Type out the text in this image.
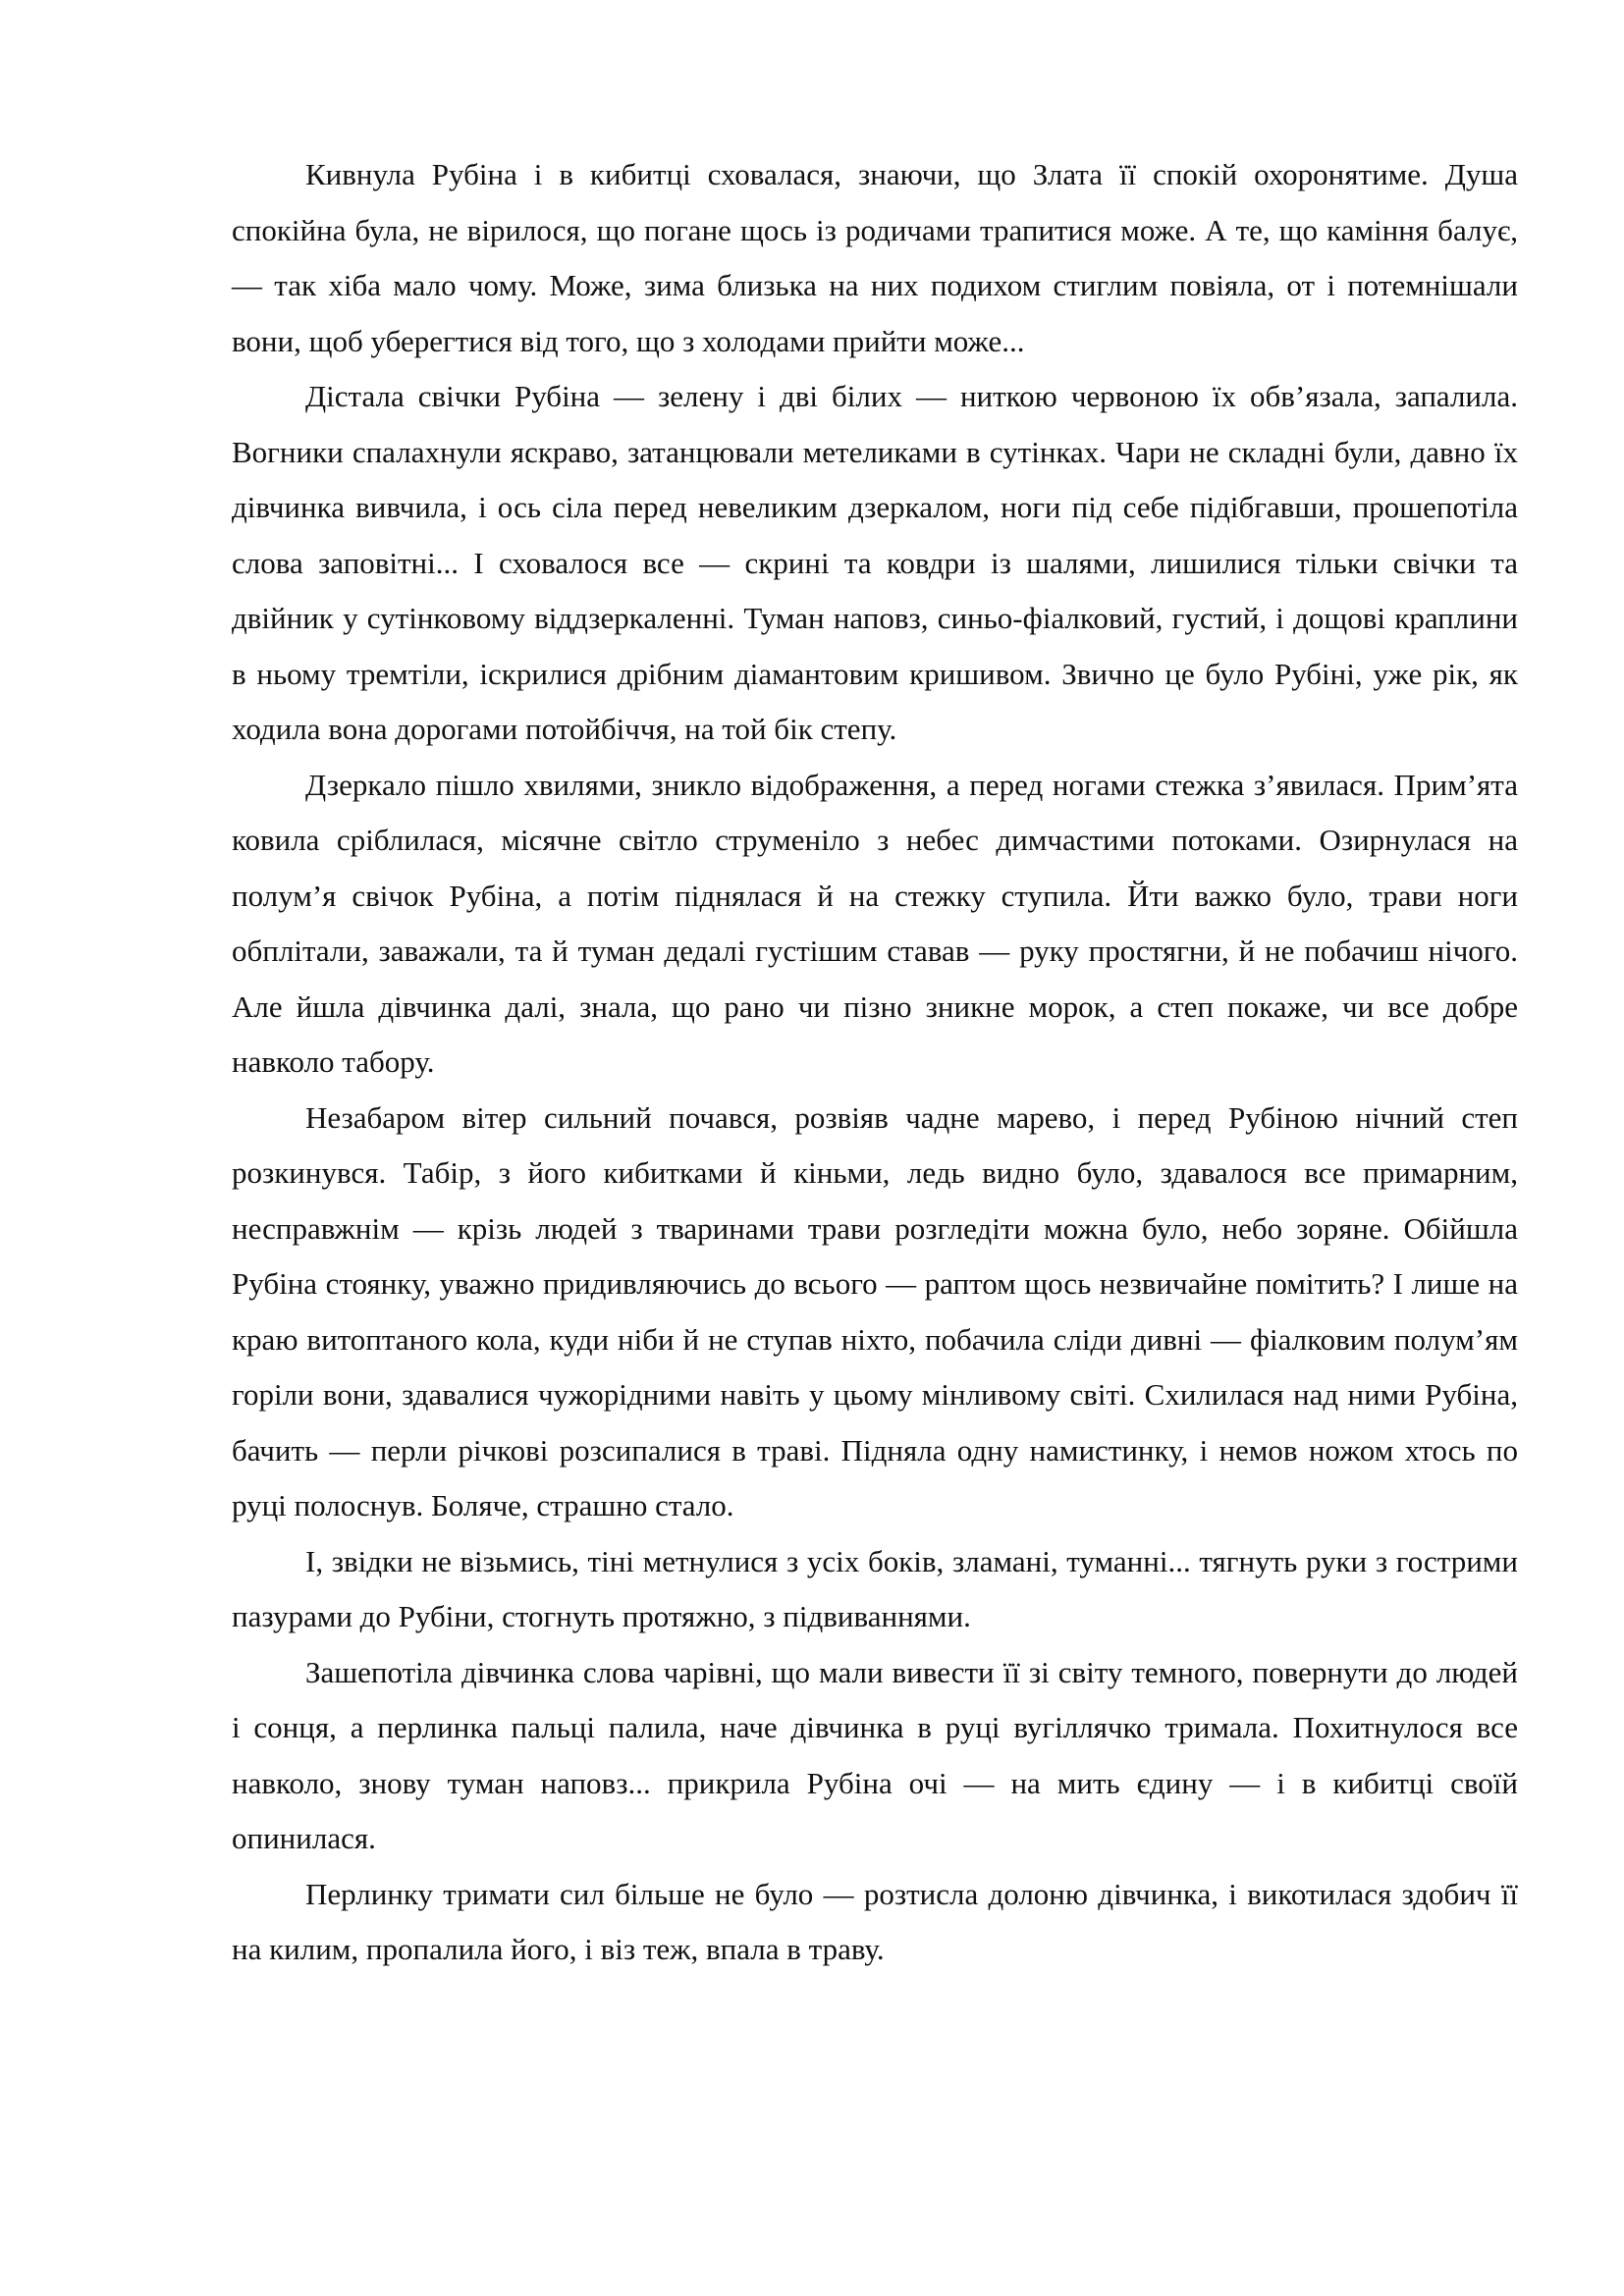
Кивнула Рубіна і в кибитці сховалася, знаючи, що Злата її спокій охоронятиме. Душа спокійна була, не вірилося, що погане щось із родичами трапитися може. А те, що каміння балує, — так хіба мало чому. Може, зима близька на них подихом стиглим повіяла, от і потемнішали вони, щоб уберегтися від того, що з холодами прийти може...

Дістала свічки Рубіна — зелену і дві білих — ниткою червоною їх обв’язала, запалила. Вогники спалахнули яскраво, затанцювали метеликами в сутінках. Чари не складні були, давно їх дівчинка вивчила, і ось сіла перед невеликим дзеркалом, ноги під себе підібгавши, прошепотіла слова заповітні... І сховалося все — скрині та ковдри із шалями, лишилися тільки свічки та двійник у сутінковому віддзеркаленні. Туман наповз, синьо-фіалковий, густий, і дощові краплини в ньому тремтіли, іскрилися дрібним діамантовим кришивом. Звично це було Рубіні, уже рік, як ходила вона дорогами потойбіччя, на той бік степу.

Дзеркало пішло хвилями, зникло відображення, а перед ногами стежка з’явилася. Прим’ята ковила сріблилася, місячне світло струменіло з небес димчастими потоками. Озирнулася на полум’я свічок Рубіна, а потім піднялася й на стежку ступила. Йти важко було, трави ноги обплітали, заважали, та й туман дедалі густішим ставав — руку простягни, й не побачиш нічого. Але йшла дівчинка далі, знала, що рано чи пізно зникне морок, а степ покаже, чи все добре навколо табору.

Незабаром вітер сильний почався, розвіяв чадне марево, і перед Рубіною нічний степ розкинувся. Табір, з його кибитками й кіньми, ледь видно було, здавалося все примарним, несправжнім — крізь людей з тваринами трави розгледіти можна було, небо зоряне. Обійшла Рубіна стоянку, уважно придивляючись до всього — раптом щось незвичайне помітить? І лише на краю витоптаного кола, куди ніби й не ступав ніхто, побачила сліди дивні — фіалковим полум’ям горіли вони, здавалися чужорідними навіть у цьому мінливому світі. Схилилася над ними Рубіна, бачить — перли річкові розсипалися в траві. Підняла одну намистинку, і немов ножом хтось по руці полоснув. Боляче, страшно стало.

І, звідки не візьмись, тіні метнулися з усіх боків, зламані, туманні... тягнуть руки з гострими пазурами до Рубіни, стогнуть протяжно, з підвиваннями.

Зашепотіла дівчинка слова чарівні, що мали вивести її зі світу темного, повернути до людей і сонця, а перлинка пальці палила, наче дівчинка в руці вугіллячко тримала. Похитнулося все навколо, знову туман наповз... прикрила Рубіна очі — на мить єдину — і в кибитці своїй опинилася.

Перлинку тримати сил більше не було — розтисла долоню дівчинка, і викотилася здобич її на килим, пропалила його, і віз теж, впала в траву.
